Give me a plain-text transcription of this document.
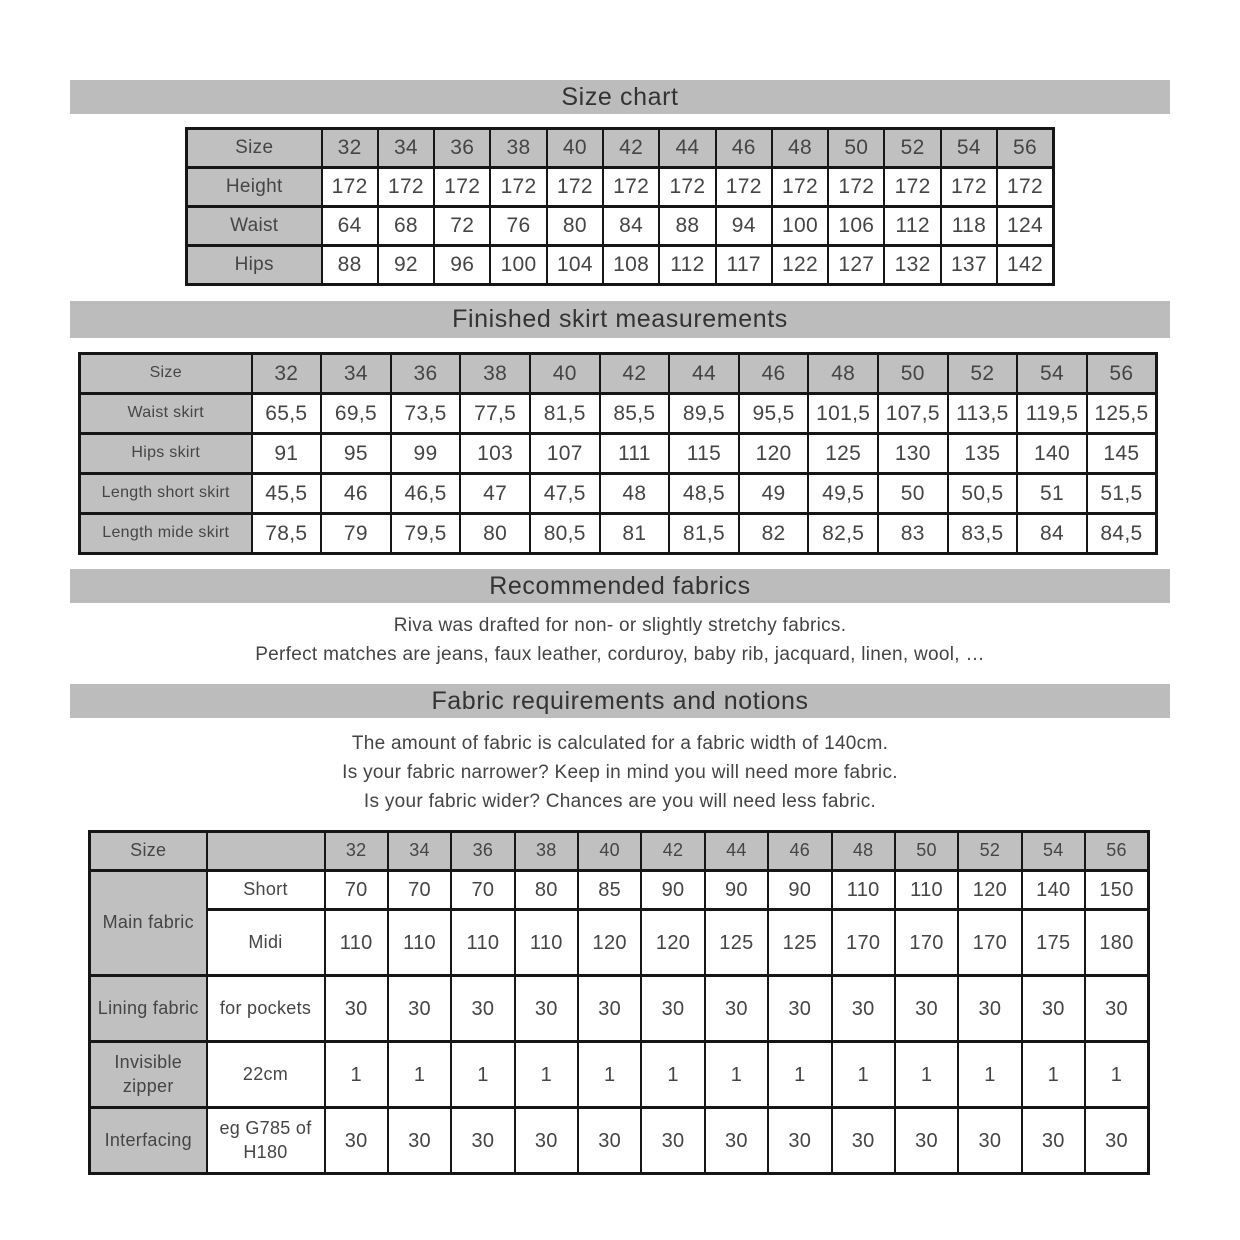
Size chart
Size	32	34	36	38	40	42	44	46	48	50	52	54	56
Height	172	172	172	172	172	172	172	172	172	172	172	172	172
Waist	64	68	72	76	80	84	88	94	100	106	112	118	124
Hips	88	92	96	100	104	108	112	117	122	127	132	137	142
Finished skirt measurements
Size	32	34	36	38	40	42	44	46	48	50	52	54	56
Waist skirt	65,5	69,5	73,5	77,5	81,5	85,5	89,5	95,5	101,5	107,5	113,5	119,5	125,5
Hips skirt	91	95	99	103	107	111	115	120	125	130	135	140	145
Length short skirt	45,5	46	46,5	47	47,5	48	48,5	49	49,5	50	50,5	51	51,5
Length mide skirt	78,5	79	79,5	80	80,5	81	81,5	82	82,5	83	83,5	84	84,5
Recommended fabrics
Riva was drafted for non- or slightly stretchy fabrics.
Perfect matches are jeans, faux leather, corduroy, baby rib, jacquard, linen, wool, …
Fabric requirements and notions
The amount of fabric is calculated for a fabric width of 140cm.
Is your fabric narrower? Keep in mind you will need more fabric.
Is your fabric wider? Chances are you will need less fabric.
Size		32	34	36	38	40	42	44	46	48	50	52	54	56
Main fabric	Short	70	70	70	80	85	90	90	90	110	110	120	140	150
	Midi	110	110	110	110	120	120	125	125	170	170	170	175	180
Lining fabric	for pockets	30	30	30	30	30	30	30	30	30	30	30	30	30
Invisible zipper	22cm	1	1	1	1	1	1	1	1	1	1	1	1	1
Interfacing	eg G785 of H180	30	30	30	30	30	30	30	30	30	30	30	30	30
